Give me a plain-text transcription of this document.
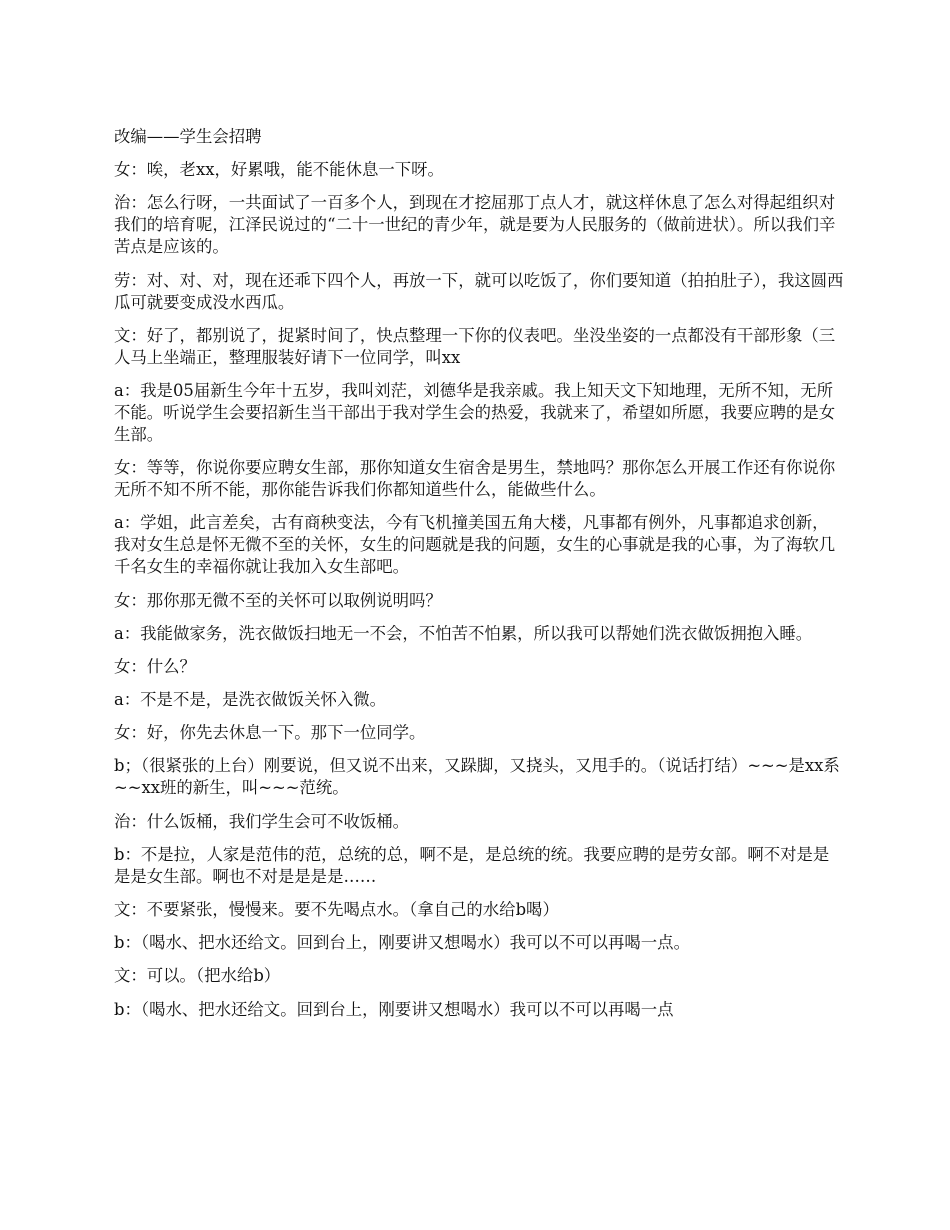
改编——学生会招聘

女：唉，老xx，好累哦，能不能休息一下呀。

治：怎么行呀，一共面试了一百多个人，到现在才挖屈那丁点人才，就这样休息了怎么对得起组织对我们的培育呢，江泽民说过的“二十一世纪的青少年，就是要为人民服务的（做前进状）。所以我们辛苦点是应该的。

劳：对、对、对，现在还乖下四个人，再放一下，就可以吃饭了，你们要知道（拍拍肚子），我这圆西瓜可就要变成没水西瓜。

文：好了，都别说了，捉紧时间了，快点整理一下你的仪表吧。坐没坐姿的一点都没有干部形象（三人马上坐端正，整理服装好请下一位同学，叫xx

a：我是05届新生今年十五岁，我叫刘茫，刘德华是我亲戚。我上知天文下知地理，无所不知，无所不能。听说学生会要招新生当干部出于我对学生会的热爱，我就来了，希望如所愿，我要应聘的是女生部。

女：等等，你说你要应聘女生部，那你知道女生宿舍是男生，禁地吗？那你怎么开展工作还有你说你无所不知不所不能，那你能告诉我们你都知道些什么，能做些什么。

a：学姐，此言差矣，古有商秧变法，今有飞机撞美国五角大楼，凡事都有例外，凡事都追求创新，我对女生总是怀无微不至的关怀，女生的问题就是我的问题，女生的心事就是我的心事，为了海软几千名女生的幸福你就让我加入女生部吧。

女：那你那无微不至的关怀可以取例说明吗？

a：我能做家务，洗衣做饭扫地无一不会，不怕苦不怕累，所以我可以帮她们洗衣做饭拥抱入睡。

女：什么？

a：不是不是，是洗衣做饭关怀入微。

女：好，你先去休息一下。那下一位同学。

b；（很紧张的上台）刚要说，但又说不出来，又跺脚，又挠头，又甩手的。（说话打结）~~~是xx系~~xx班的新生，叫~~~范统。

治：什么饭桶，我们学生会可不收饭桶。

b：不是拉，人家是范伟的范，总统的总，啊不是，是总统的统。我要应聘的是劳女部。啊不对是是是是女生部。啊也不对是是是是……

文：不要紧张，慢慢来。要不先喝点水。（拿自己的水给b喝）

b：（喝水、把水还给文。回到台上，刚要讲又想喝水）我可以不可以再喝一点。

文：可以。（把水给b）

b：（喝水、把水还给文。回到台上，刚要讲又想喝水）我可以不可以再喝一点
